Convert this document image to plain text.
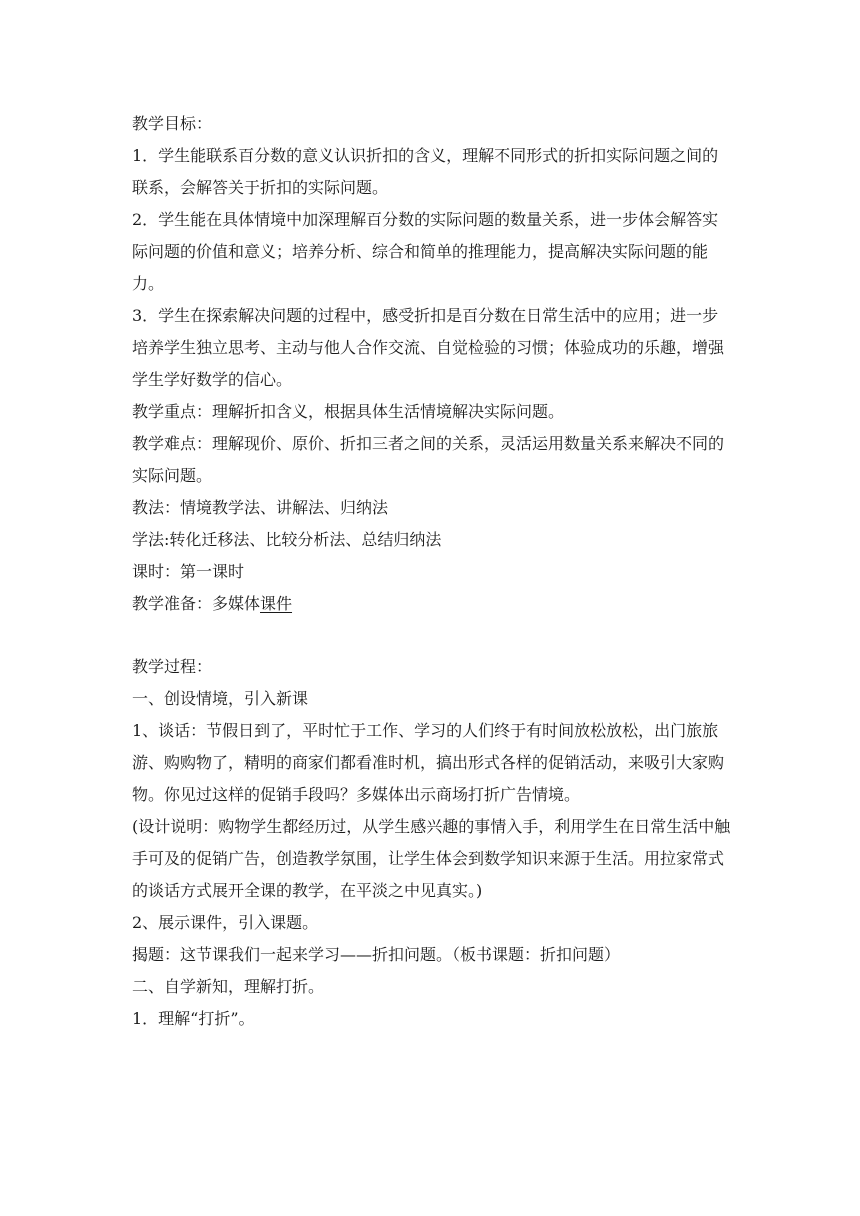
教学目标：

1．学生能联系百分数的意义认识折扣的含义，理解不同形式的折扣实际问题之间的联系，会解答关于折扣的实际问题。

2．学生能在具体情境中加深理解百分数的实际问题的数量关系，进一步体会解答实际问题的价值和意义；培养分析、综合和简单的推理能力，提高解决实际问题的能力。

3．学生在探索解决问题的过程中，感受折扣是百分数在日常生活中的应用；进一步培养学生独立思考、主动与他人合作交流、自觉检验的习惯；体验成功的乐趣，增强学生学好数学的信心。

教学重点：理解折扣含义，根据具体生活情境解决实际问题。

教学难点：理解现价、原价、折扣三者之间的关系，灵活运用数量关系来解决不同的实际问题。

教法：情境教学法、讲解法、归纳法

学法:转化迁移法、比较分析法、总结归纳法

课时：第一课时

教学准备：多媒体课件

教学过程：

一、创设情境，引入新课

1、谈话：节假日到了，平时忙于工作、学习的人们终于有时间放松放松，出门旅旅游、购购物了，精明的商家们都看准时机，搞出形式各样的促销活动，来吸引大家购物。你见过这样的促销手段吗？多媒体出示商场打折广告情境。

(设计说明：购物学生都经历过，从学生感兴趣的事情入手，利用学生在日常生活中触手可及的促销广告，创造教学氛围，让学生体会到数学知识来源于生活。用拉家常式的谈话方式展开全课的教学，在平淡之中见真实。)

2、展示课件，引入课题。

揭题：这节课我们一起来学习——折扣问题。（板书课题：折扣问题）

二、自学新知，理解打折。

1．理解“打折”。
